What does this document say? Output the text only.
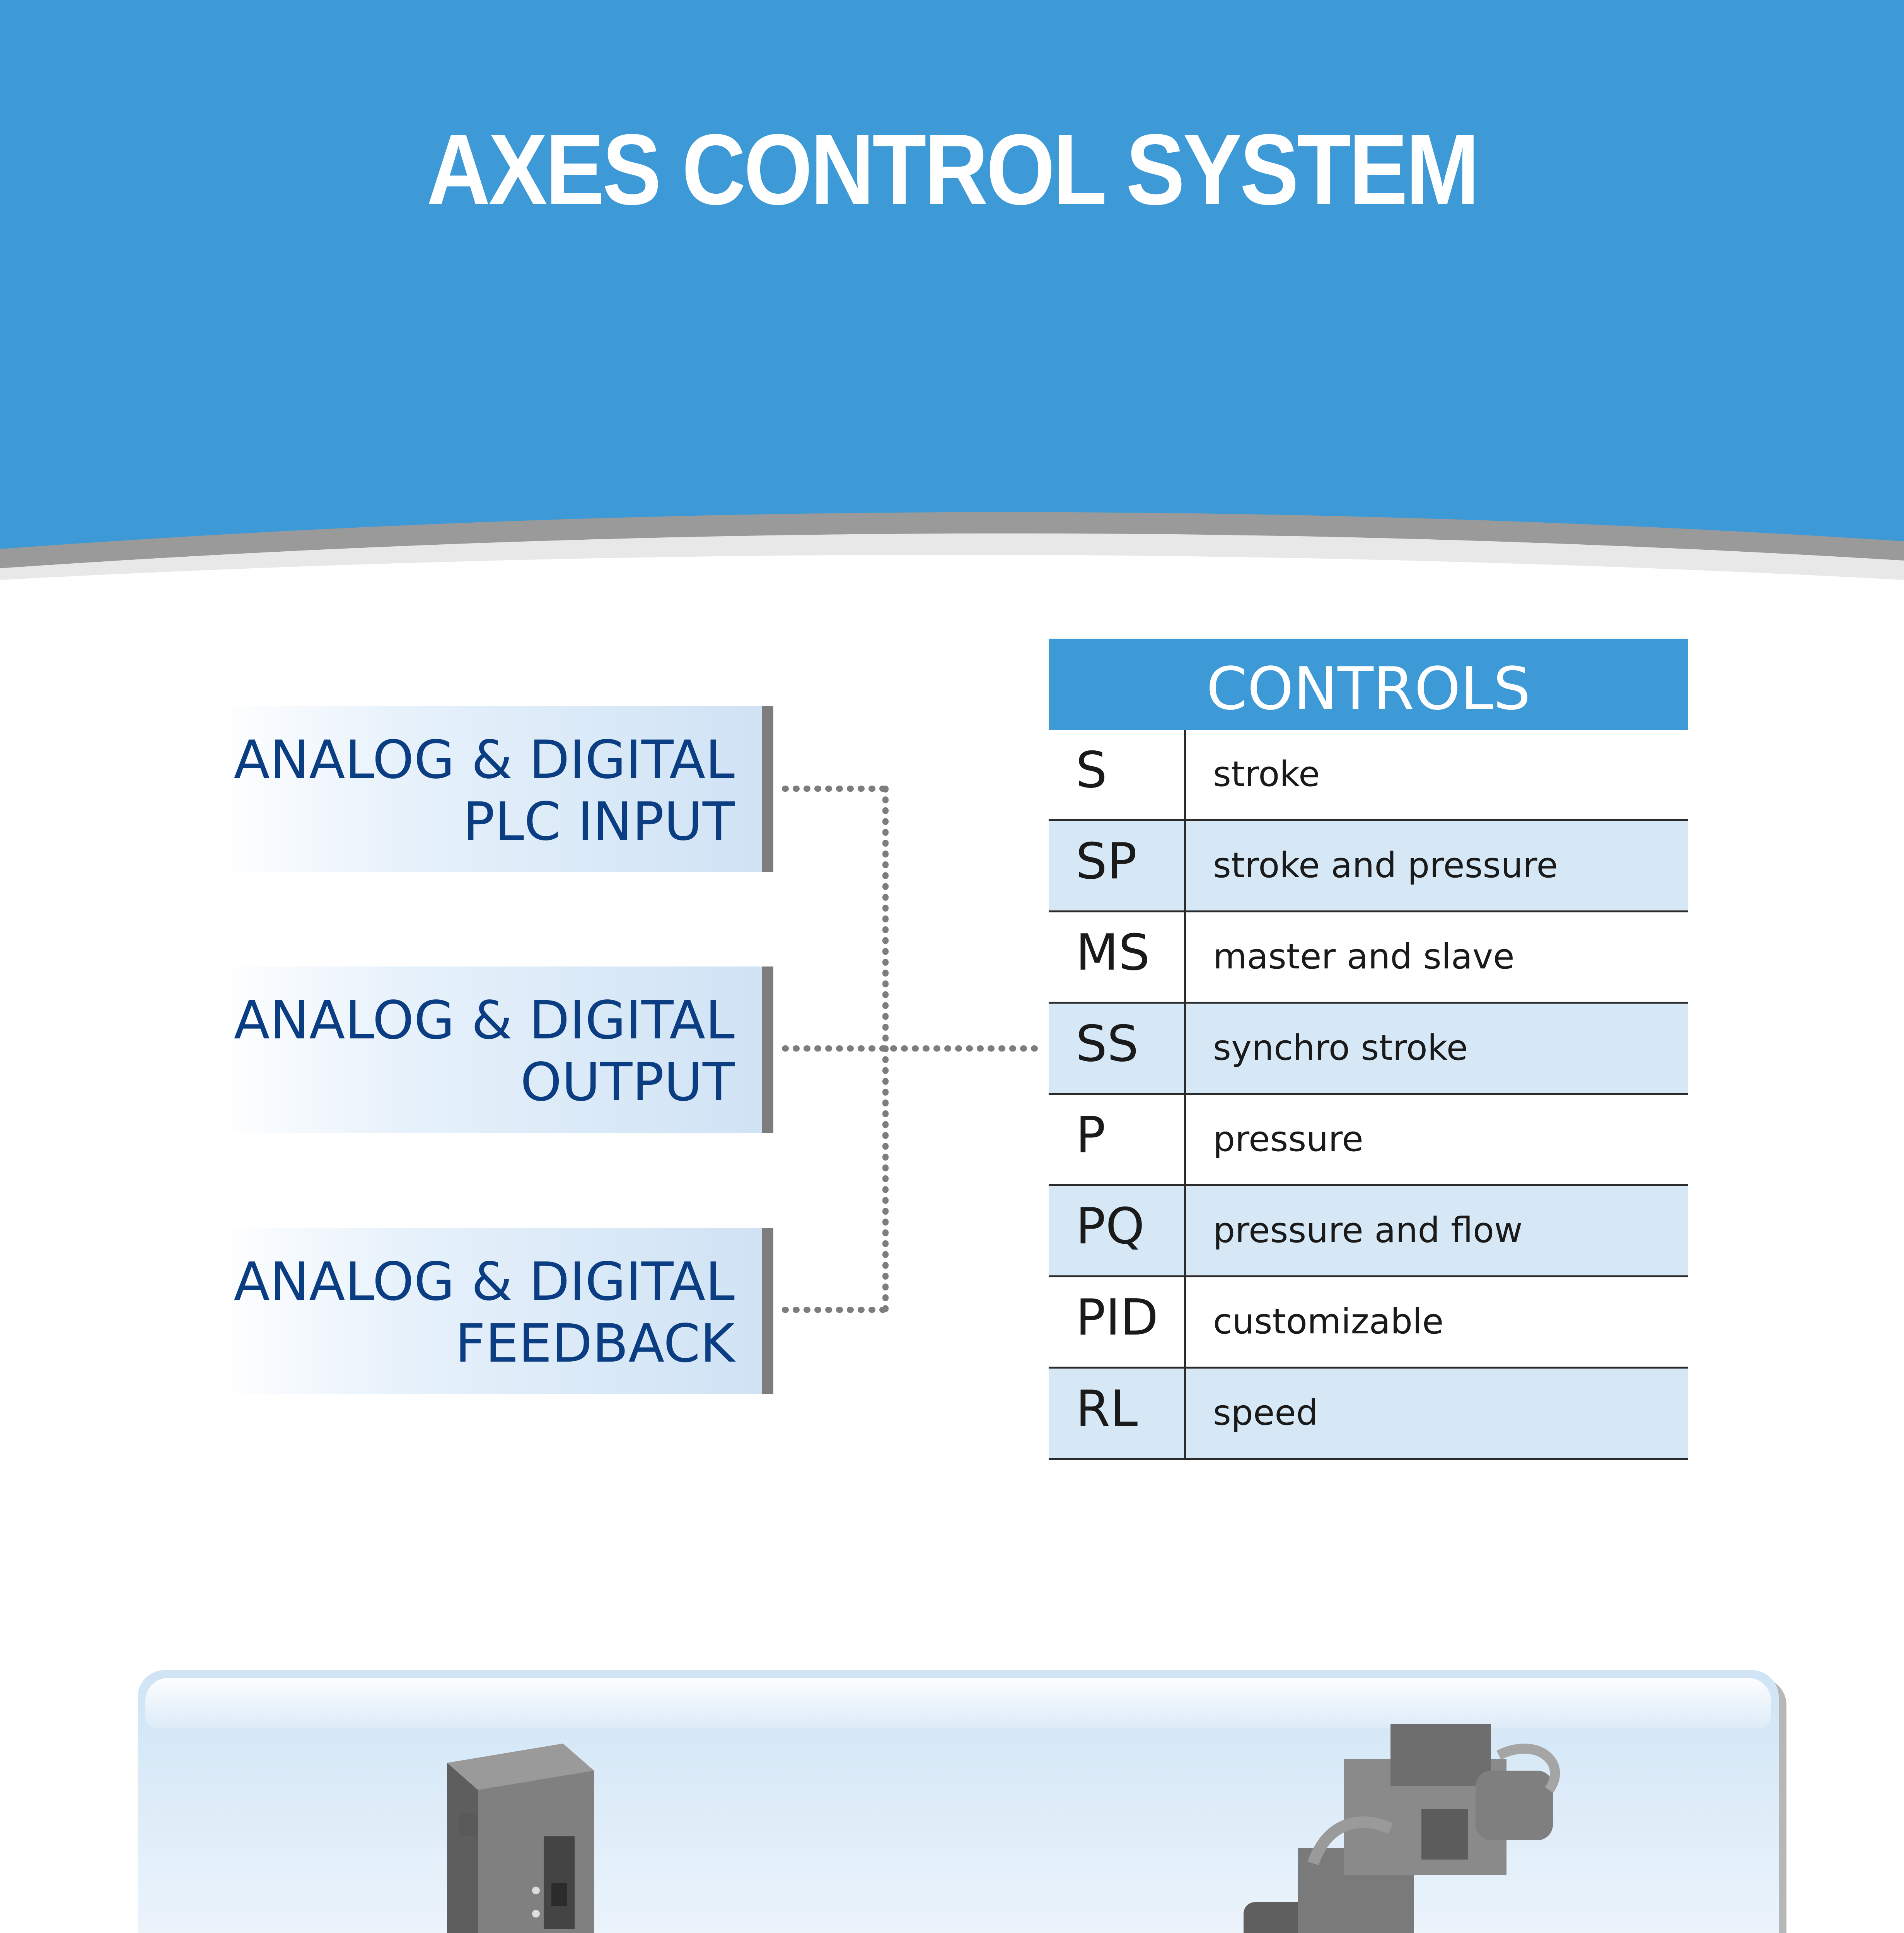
AXES CONTROL SYSTEM
ANALOG & DIGITAL
PLC INPUT
ANALOG & DIGITAL
OUTPUT
ANALOG & DIGITAL
FEEDBACK
CONTROLS
S	stroke
SP stroke and pressure
MS master and slave
SS synchro stroke
P	pressure
PQ pressure and flow
PID customizable
RL speed
